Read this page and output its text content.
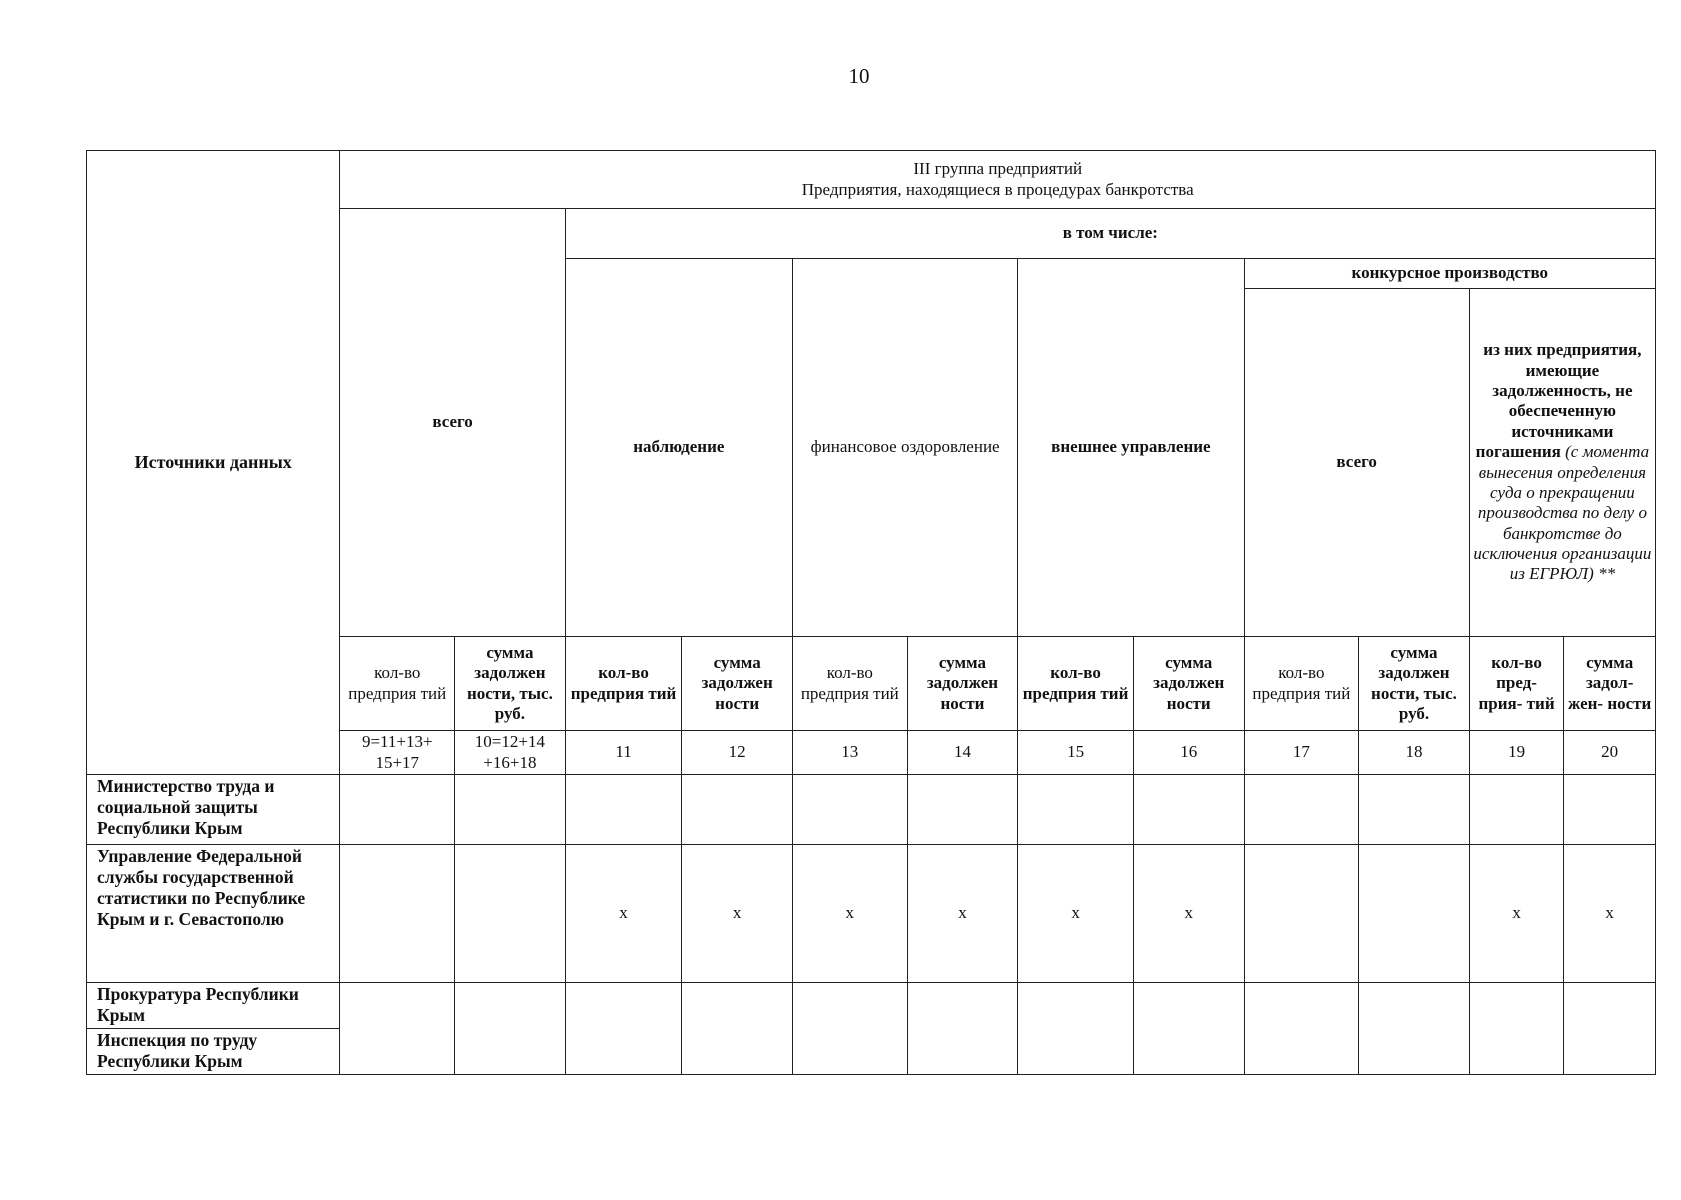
10
Источники данных	III группа предприятий
Предприятия, находящиеся в процедурах банкротства											
	всего		в том числе:									
			наблюдение		финансовое оздоровление		внешнее управление		конкурсное производство			
									всего		из них предприятия, имеющие задолженность, не обеспеченную источниками погашения (с момента вынесения определения суда о прекращении производства по делу о банкротстве до исключения организации из ЕГРЮЛ) **	
	кол-во предприя тий	сумма задолжен ности, тыс. руб.	кол-во предприя тий	сумма задолжен ности	кол-во предприя тий	сумма задолжен ности	кол-во предприя тий	сумма задолжен ности	кол-во предприя тий	сумма задолжен ности, тыс. руб.	кол-во пред- прия- тий	сумма задол- жен- ности
	9=11+13+ 15+17	10=12+14 +16+18	11	12	13	14	15	16	17	18	19	20
Министерство труда и социальной защиты Республики Крым												
Управление Федеральной службы государственной статистики по Республике Крым и г. Севастополю			x	x	x	x	x	x			x	x
Прокуратура Республики Крым												
Инспекция по труду Республики Крым												
